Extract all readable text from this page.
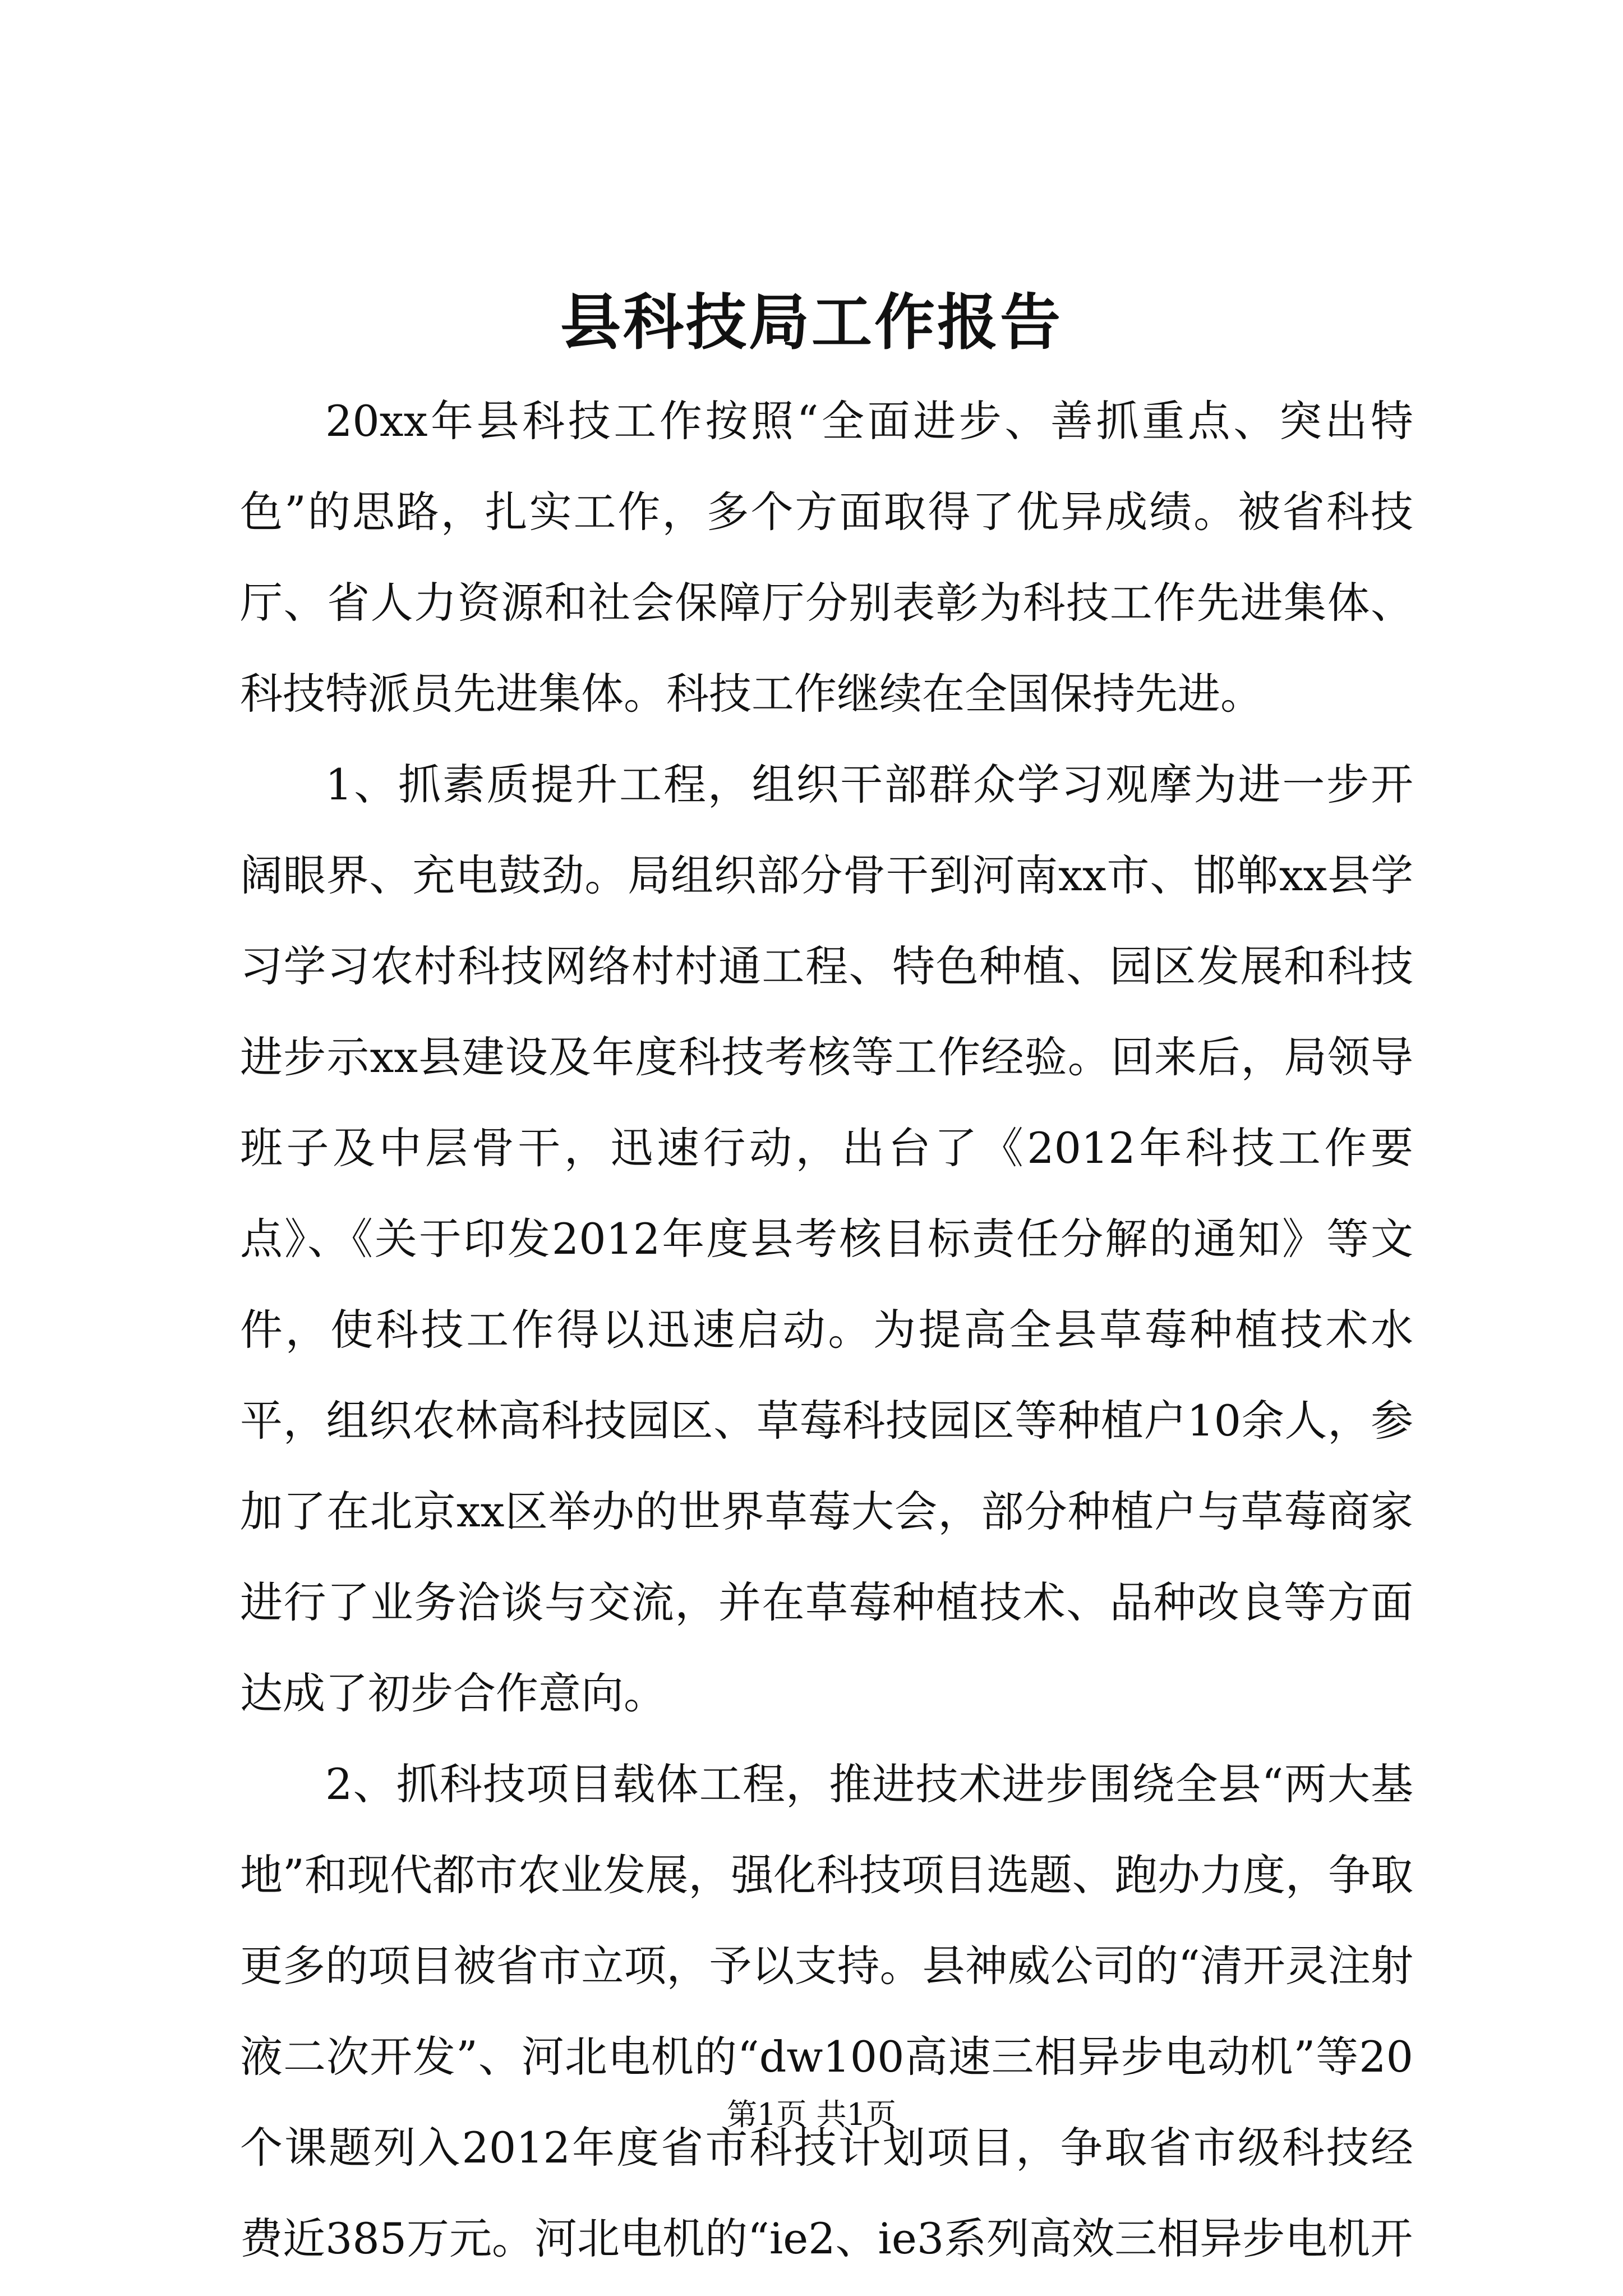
县科技局工作报告

20xx年县科技工作按照“全面进步、善抓重点、突出特色”的思路，扎实工作，多个方面取得了优异成绩。被省科技厅、省人力资源和社会保障厅分别表彰为科技工作先进集体、科技特派员先进集体。科技工作继续在全国保持先进。

1、抓素质提升工程，组织干部群众学习观摩为进一步开阔眼界、充电鼓劲。局组织部分骨干到河南xx市、邯郸xx县学习学习农村科技网络村村通工程、特色种植、园区发展和科技进步示xx县建设及年度科技考核等工作经验。回来后，局领导班子及中层骨干，迅速行动，出台了《2012年科技工作要点》、《关于印发2012年度县考核目标责任分解的通知》等文件，使科技工作得以迅速启动。为提高全县草莓种植技术水平，组织农林高科技园区、草莓科技园区等种植户10余人，参加了在北京xx区举办的世界草莓大会，部分种植户与草莓商家进行了业务洽谈与交流，并在草莓种植技术、品种改良等方面达成了初步合作意向。

2、抓科技项目载体工程，推进技术进步围绕全县“两大基地”和现代都市农业发展，强化科技项目选题、跑办力度，争取更多的项目被省市立项，予以支持。县神威公司的“清开灵注射液二次开发”、河北电机的“dw100高速三相异步电动机”等20个课题列入2012年度省市科技计划项目，争取省市级科技经费近385万元。河北电机的“ie2、ie3系列高效三相异步电机开

第1页 共1页
